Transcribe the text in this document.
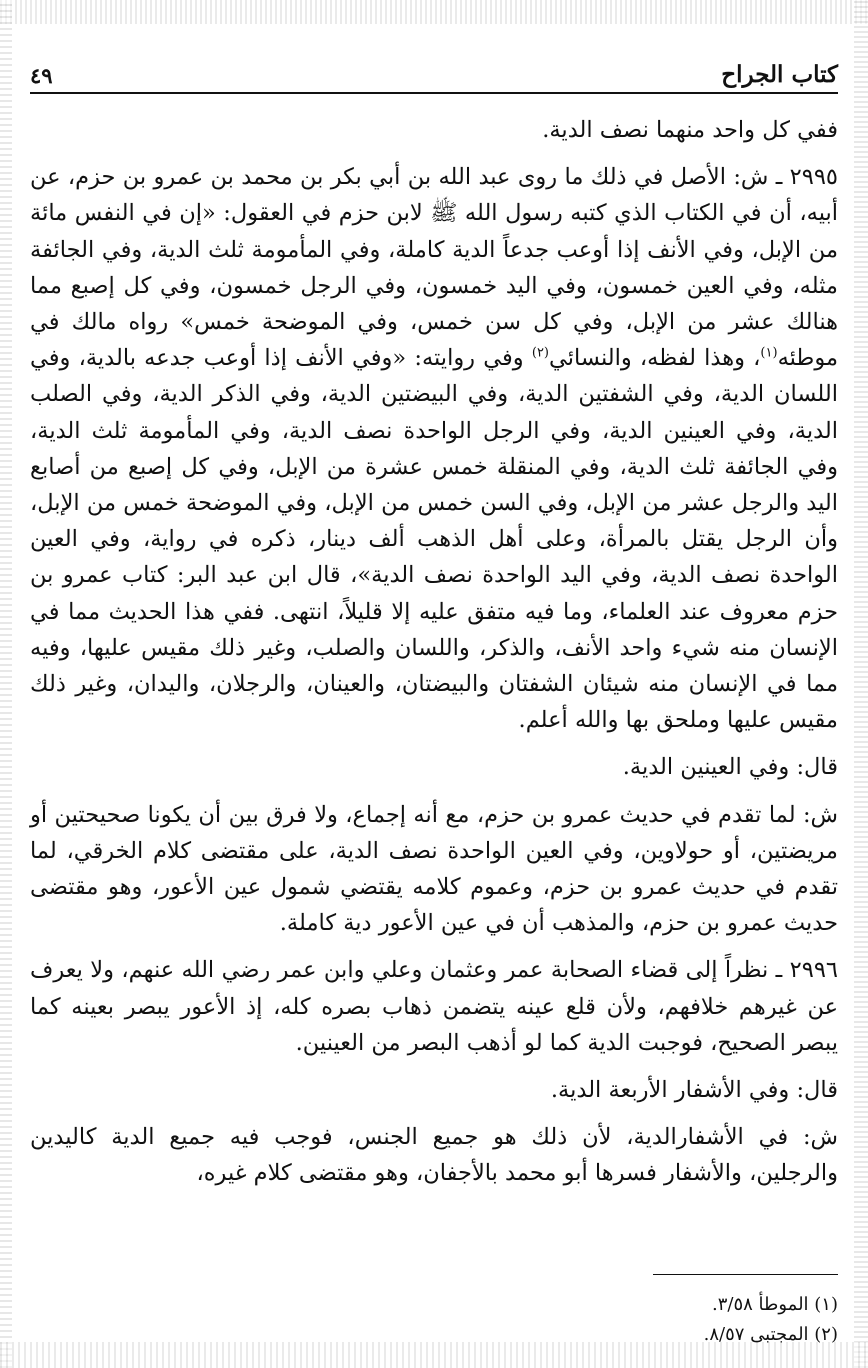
كتاب الجراح
٤٩

ففي كل واحد منهما نصف الدية.

٢٩٩٥ ـ ش: الأصل في ذلك ما روى عبد الله بن أبي بكر بن محمد بن عمرو بن حزم، عن أبيه، أن في الكتاب الذي كتبه رسول الله ﷺ لابن حزم في العقول: «إن في النفس مائة من الإبل، وفي الأنف إذا أوعب جدعاً الدية كاملة، وفي المأمومة ثلث الدية، وفي الجائفة مثله، وفي العين خمسون، وفي اليد خمسون، وفي الرجل خمسون، وفي كل إصبع مما هنالك عشر من الإبل، وفي كل سن خمس، وفي الموضحة خمس» رواه مالك في موطئه$^{(١)}$، وهذا لفظه، والنسائي$^{(٢)}$ وفي روايته: «وفي الأنف إذا أوعب جدعه بالدية، وفي اللسان الدية، وفي الشفتين الدية، وفي البيضتين الدية، وفي الذكر الدية، وفي الصلب الدية، وفي العينين الدية، وفي الرجل الواحدة نصف الدية، وفي المأمومة ثلث الدية، وفي الجائفة ثلث الدية، وفي المنقلة خمس عشرة من الإبل، وفي كل إصبع من أصابع اليد والرجل عشر من الإبل، وفي السن خمس من الإبل، وفي الموضحة خمس من الإبل، وأن الرجل يقتل بالمرأة، وعلى أهل الذهب ألف دينار، ذكره في رواية، وفي العين الواحدة نصف الدية، وفي اليد الواحدة نصف الدية»، قال ابن عبد البر: كتاب عمرو بن حزم معروف عند العلماء، وما فيه متفق عليه إلا قليلاً، انتهى. ففي هذا الحديث مما في الإنسان منه شيء واحد الأنف، والذكر، واللسان والصلب، وغير ذلك مقيس عليها، وفيه مما في الإنسان منه شيئان الشفتان والبيضتان، والعينان، والرجلان، واليدان، وغير ذلك مقيس عليها وملحق بها والله أعلم.

قال: وفي العينين الدية.

ش: لما تقدم في حديث عمرو بن حزم، مع أنه إجماع، ولا فرق بين أن يكونا صحيحتين أو مريضتين، أو حولاوين، وفي العين الواحدة نصف الدية، على مقتضى كلام الخرقي، لما تقدم في حديث عمرو بن حزم، وعموم كلامه يقتضي شمول عين الأعور، وهو مقتضى حديث عمرو بن حزم، والمذهب أن في عين الأعور دية كاملة.

٢٩٩٦ ـ نظراً إلى قضاء الصحابة عمر وعثمان وعلي وابن عمر رضي الله عنهم، ولا يعرف عن غيرهم خلافهم، ولأن قلع عينه يتضمن ذهاب بصره كله، إذ الأعور يبصر بعينه كما يبصر الصحيح، فوجبت الدية كما لو أذهب البصر من العينين.

قال: وفي الأشفار الأربعة الدية.

ش: في الأشفارالدية، لأن ذلك هو جميع الجنس، فوجب فيه جميع الدية كاليدين والرجلين، والأشفار فسرها أبو محمد بالأجفان، وهو مقتضى كلام غيره،

(١) الموطأ ٣/٥٨.

(٢) المجتبى ٨/٥٧.
